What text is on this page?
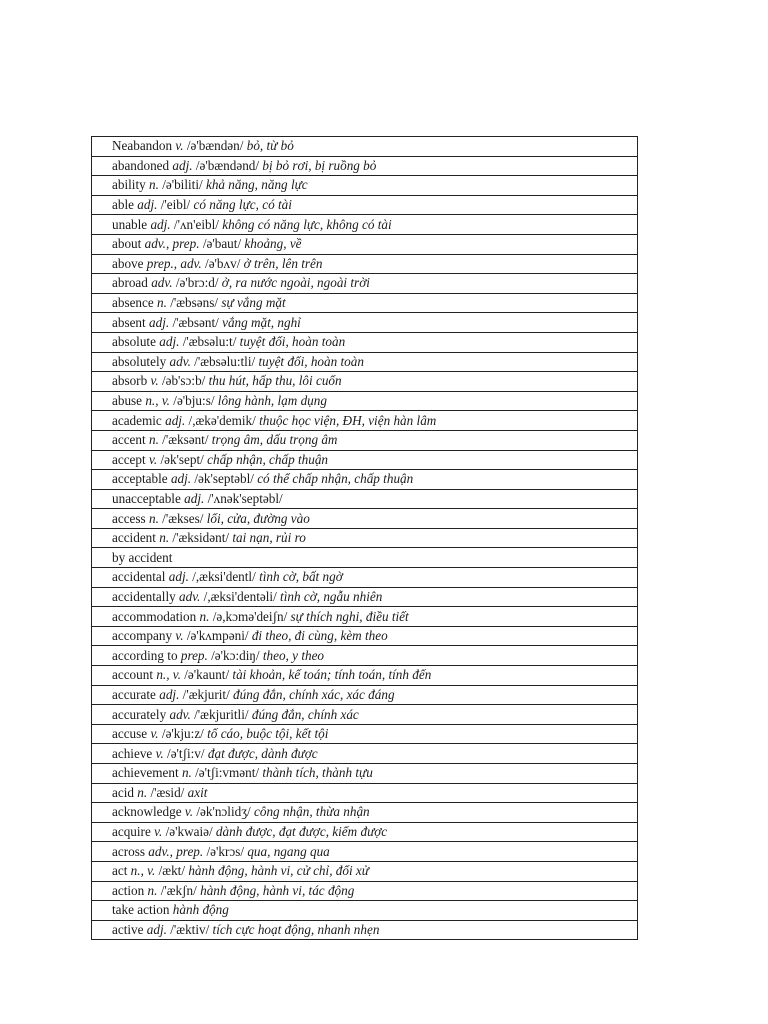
Neabandon v. /ə'bændən/ bỏ, từ bỏ
abandoned adj. /ə'bændənd/ bị bỏ rơi, bị ruồng bỏ
ability n. /ə'biliti/ khả năng, năng lực
able adj. /'eibl/ có năng lực, có tài
unable adj. /'ʌn'eibl/ không có năng lực, không có tài
about adv., prep. /ə'baut/ khoảng, về
above prep., adv. /ə'bʌv/ ở trên, lên trên
abroad adv. /ə'brɔ:d/ ở, ra nước ngoài, ngoài trời
absence n. /'æbsəns/ sự vắng mặt
absent adj. /'æbsənt/ vắng mặt, nghỉ
absolute adj. /'æbsəlu:t/ tuyệt đối, hoàn toàn
absolutely adv. /'æbsəlu:tli/ tuyệt đối, hoàn toàn
absorb v. /əb'sɔ:b/ thu hút, hấp thu, lôi cuốn
abuse n., v. /ə'bju:s/ lông hành, lạm dụng
academic adj. /,ækə'demik/ thuộc học viện, ĐH, viện hàn lâm
accent n. /'æksənt/ trọng âm, dấu trọng âm
accept v. /ək'sept/ chấp nhận, chấp thuận
acceptable adj. /ək'septəbl/ có thể chấp nhận, chấp thuận
unacceptable adj. /'ʌnək'septəbl/
access n. /'ækses/ lối, cửa, đường vào
accident n. /'æksidənt/ tai nạn, rủi ro
by accident
accidental adj. /,æksi'dentl/ tình cờ, bất ngờ
accidentally adv. /,æksi'dentəli/ tình cờ, ngẫu nhiên
accommodation n. /ə,kɔmə'deiʃn/ sự thích nghi, điều tiết
accompany v. /ə'kʌmpəni/ đi theo, đi cùng, kèm theo
according to prep. /ə'kɔ:diŋ/ theo, y theo
account n., v. /ə'kaunt/ tài khoản, kế toán; tính toán, tính đến
accurate adj. /'ækjurit/ đúng đắn, chính xác, xác đáng
accurately adv. /'ækjuritli/ đúng đắn, chính xác
accuse v. /ə'kju:z/ tố cáo, buộc tội, kết tội
achieve v. /ə'tʃi:v/ đạt được, dành được
achievement n. /ə'tʃi:vmənt/ thành tích, thành tựu
acid n. /'æsid/ axit
acknowledge v. /ək'nɔlidʒ/ công nhận, thừa nhận
acquire v. /ə'kwaiə/ dành được, đạt được, kiếm được
across adv., prep. /ə'krɔs/ qua, ngang qua
act n., v. /ækt/ hành động, hành vi, cử chỉ, đối xử
action n. /'ækʃn/ hành động, hành vi, tác động
take action hành động
active adj. /'æktiv/ tích cực hoạt động, nhanh nhẹn
